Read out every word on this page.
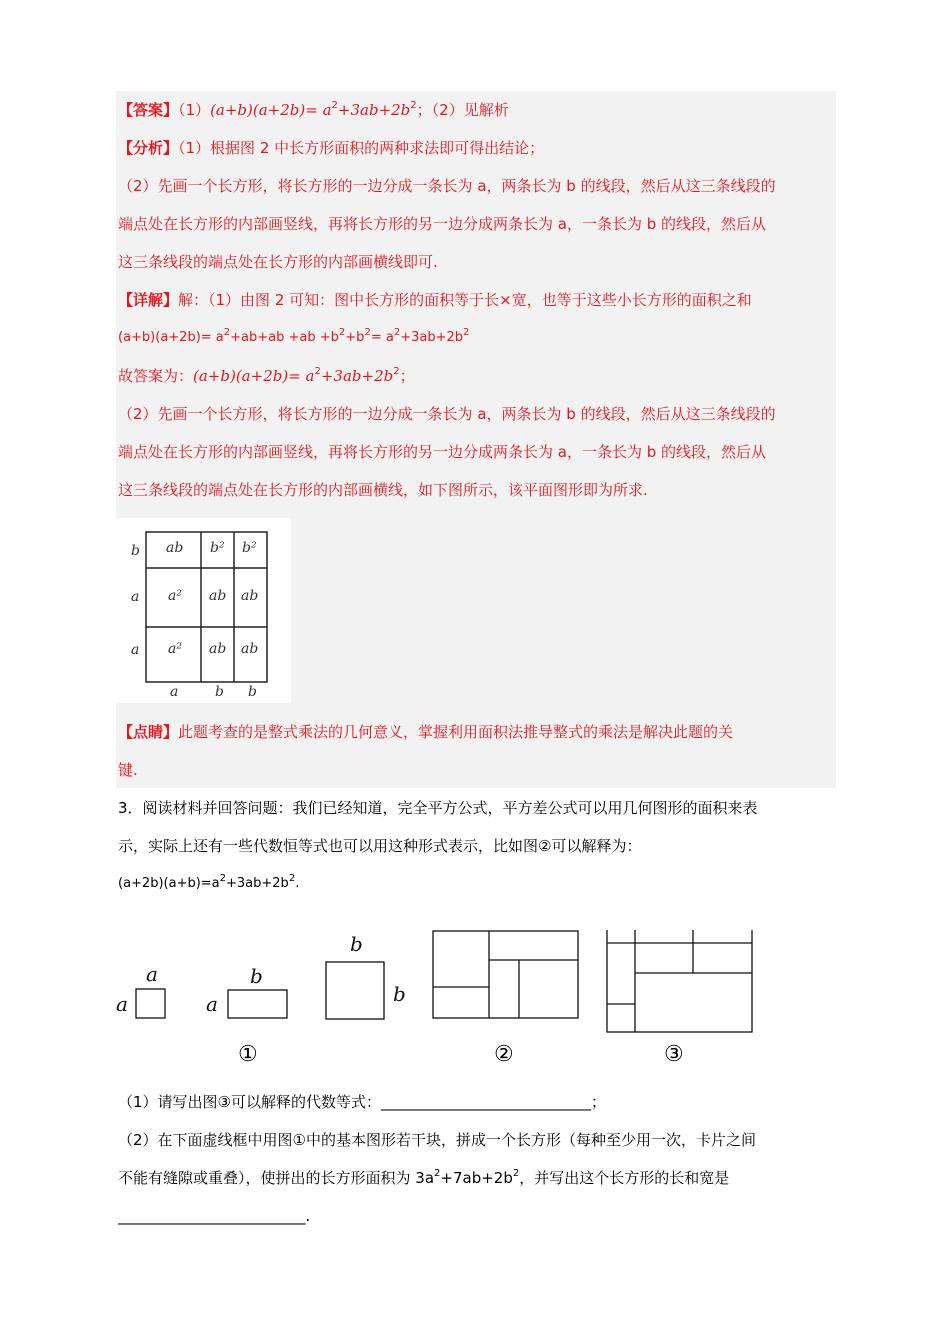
【答案】$(1)(a+b)(a+2b)= a^2+3ab+2b^2$；（2）见解析
【分析】（1）根据图 2 中长方形面积的两种求法即可得出结论；
（2）先画一个长方形，将长方形的一边分成一条长为 a，两条长为 b 的线段，然后从这三条线段的
端点处在长方形的内部画竖线，再将长方形的另一边分成两条长为 a，一条长为 b 的线段，然后从
这三条线段的端点处在长方形的内部画横线即可.
【详解】解：（1）由图 2 可知：图中长方形的面积等于长×宽，也等于这些小长方形的面积之和
$(a+b)(a+2b)= a^2+ab+ab +ab +b^2+b^2= a^2+3ab+2b^2$
故答案为：$(a+b)(a+2b)= a^2+3ab+2b^2$；
（2）先画一个长方形，将长方形的一边分成一条长为 a，两条长为 b 的线段，然后从这三条线段的
端点处在长方形的内部画竖线，再将长方形的另一边分成两条长为 a，一条长为 b 的线段，然后从
这三条线段的端点处在长方形的内部画横线，如下图所示，该平面图形即为所求.
b
a
a
ab b² b²
a² ab ab
a² ab ab
a	b b
【点睛】此题考查的是整式乘法的几何意义，掌握利用面积法推导整式的乘法是解决此题的关
键.
3．阅读材料并回答问题：我们已经知道，完全平方公式，平方差公式可以用几何图形的面积来表
示，实际上还有一些代数恒等式也可以用这种形式表示，比如图②可以解释为：
$(a+2b)(a+b)=a^2+3ab+2b^2$.
a
a
b
a
b
b
①	②	③
（1）请写出图③可以解释的代数等式：____________________________；
（2）在下面虚线框中用图①中的基本图形若干块，拼成一个长方形（每种至少用一次，卡片之间
不能有缝隙或重叠），使拼出的长方形面积为 $3a^2+7ab+2b^2$，并写出这个长方形的长和宽是
_________________________.
